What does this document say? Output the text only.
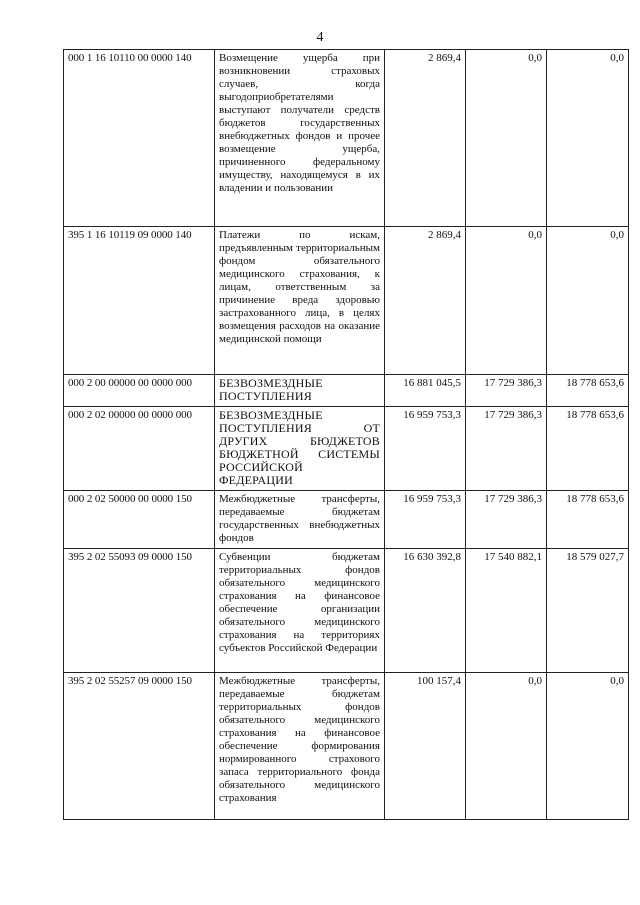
4
000 1 16 10110 00 0000 140	Возмещение ущерба при возникновении страховых случаев, когда выгодоприобретателями выступают получатели средств бюджетов государственных внебюджетных фондов и прочее возмещение ущерба, причиненного федеральному имуществу, находящемуся в их владении и пользовании	2 869,4	0,0	0,0
395 1 16 10119 09 0000 140	Платежи по искам, предъявленным территориальным фондом обязательного медицинского страхования, к лицам, ответственным за причинение вреда здоровью застрахованного лица, в целях возмещения расходов на оказание медицинской помощи	2 869,4	0,0	0,0
000 2 00 00000 00 0000 000	БЕЗВОЗМЕЗДНЫЕ ПОСТУПЛЕНИЯ	16 881 045,5	17 729 386,3	18 778 653,6
000 2 02 00000 00 0000 000	БЕЗВОЗМЕЗДНЫЕ ПОСТУПЛЕНИЯ ОТ ДРУГИХ БЮДЖЕТОВ БЮДЖЕТНОЙ СИСТЕМЫ РОССИЙСКОЙ ФЕДЕРАЦИИ	16 959 753,3	17 729 386,3	18 778 653,6
000 2 02 50000 00 0000 150	Межбюджетные трансферты, передаваемые бюджетам государственных внебюджетных фондов	16 959 753,3	17 729 386,3	18 778 653,6
395 2 02 55093 09 0000 150	Субвенции бюджетам территориальных фондов обязательного медицинского страхования на финансовое обеспечение организации обязательного медицинского страхования на территориях субъектов Российской Федерации	16 630 392,8	17 540 882,1	18 579 027,7
395 2 02 55257 09 0000 150	Межбюджетные трансферты, передаваемые бюджетам территориальных фондов обязательного медицинского страхования на финансовое обеспечение формирования нормированного страхового запаса территориального фонда обязательного медицинского страхования	100 157,4	0,0	0,0
